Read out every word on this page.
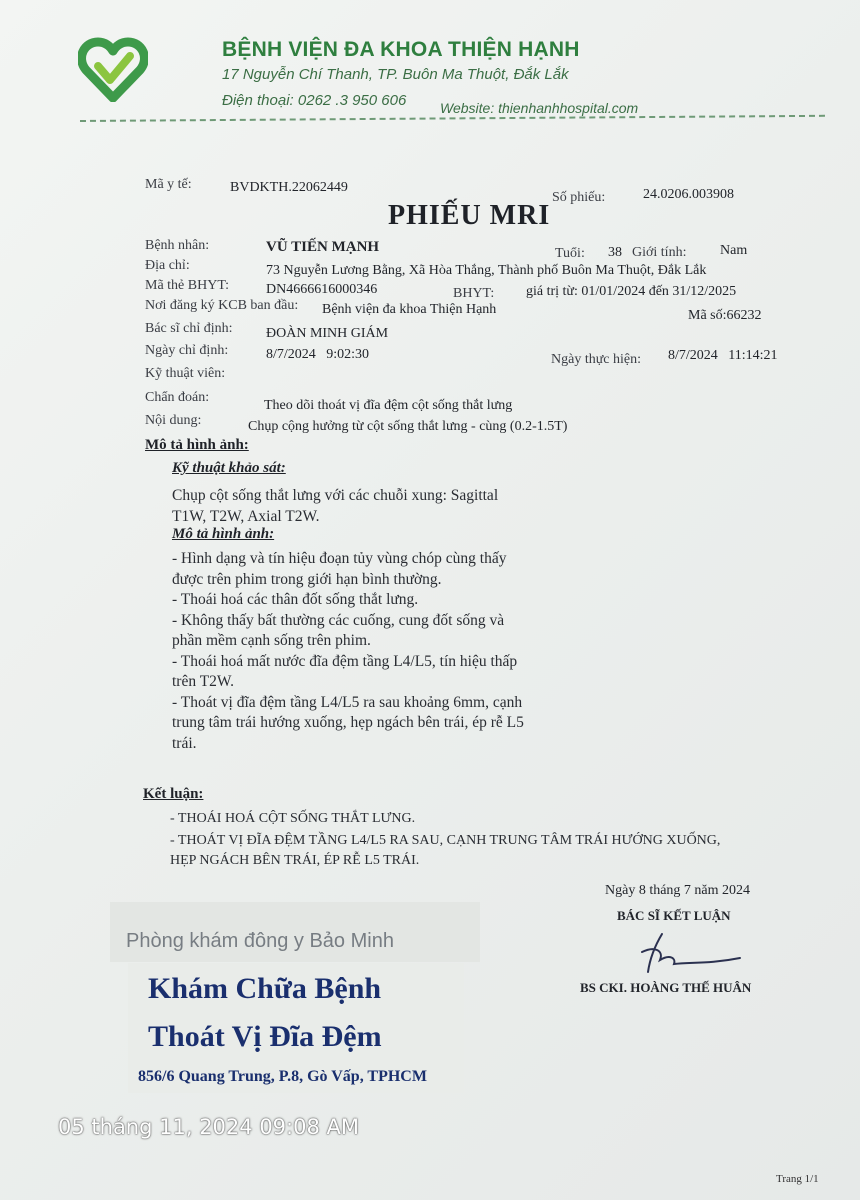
BỆNH VIỆN ĐA KHOA THIỆN HẠNH
17 Nguyễn Chí Thanh, TP. Buôn Ma Thuột, Đắk Lắk
Điện thoại: 0262 .3 950 606 Website: thienhanhhospital.com
Mã y tế:	BVDKTH.22062449
Số phiếu:	24.0206.003908
PHIẾU MRI
Bệnh nhân:	VŨ TIẾN MẠNH	Tuổi: 38 Giới tính: Nam
Địa chỉ:	73 Nguyễn Lương Bằng, Xã Hòa Thắng, Thành phố Buôn Ma Thuột, Đắk Lắk
Mã thẻ BHYT:	DN4666616000346	BHYT: giá trị từ: 01/01/2024 đến 31/12/2025
Nơi đăng ký KCB ban đầu: Bệnh viện đa khoa Thiện Hạnh	Mã số:66232
Bác sĩ chỉ định: ĐOÀN MINH GIÁM
Ngày chỉ định:	8/7/2024   9:02:30	Ngày thực hiện: 8/7/2024   11:14:21
Kỹ thuật viên:
Chẩn đoán:
Theo dõi thoát vị đĩa đệm cột sống thắt lưng
Nội dung:	Chụp cộng hưởng từ cột sống thắt lưng - cùng (0.2-1.5T)
Mô tả hình ảnh:
Kỹ thuật khảo sát:
Chụp cột sống thắt lưng với các chuỗi xung: Sagittal
T1W, T2W, Axial T2W.
Mô tả hình ảnh:
- Hình dạng và tín hiệu đoạn tủy vùng chóp cùng thấy
được trên phim trong giới hạn bình thường.
- Thoái hoá các thân đốt sống thắt lưng.
- Không thấy bất thường các cuống, cung đốt sống và
phần mềm cạnh sống trên phim.
- Thoái hoá mất nước đĩa đệm tầng L4/L5, tín hiệu thấp
trên T2W.
- Thoát vị đĩa đệm tầng L4/L5 ra sau khoảng 6mm, cạnh
trung tâm trái hướng xuống, hẹp ngách bên trái, ép rễ L5
trái.
Kết luận:
- THOÁI HOÁ CỘT SỐNG THẮT LƯNG.
- THOÁT VỊ ĐĨA ĐỆM TẦNG L4/L5 RA SAU, CẠNH TRUNG TÂM TRÁI HƯỚNG XUỐNG,
HẸP NGÁCH BÊN TRÁI, ÉP RỄ L5 TRÁI.
Ngày 8 tháng 7 năm 2024
BÁC SĨ KẾT LUẬN
BS CKI. HOÀNG THẾ HUÂN
Phòng khám đông y Bảo Minh
Khám Chữa Bệnh
Thoát Vị Đĩa Đệm
856/6 Quang Trung, P.8, Gò Vấp, TPHCM
05 tháng 11, 2024 09:08 AM
Trang 1/1
